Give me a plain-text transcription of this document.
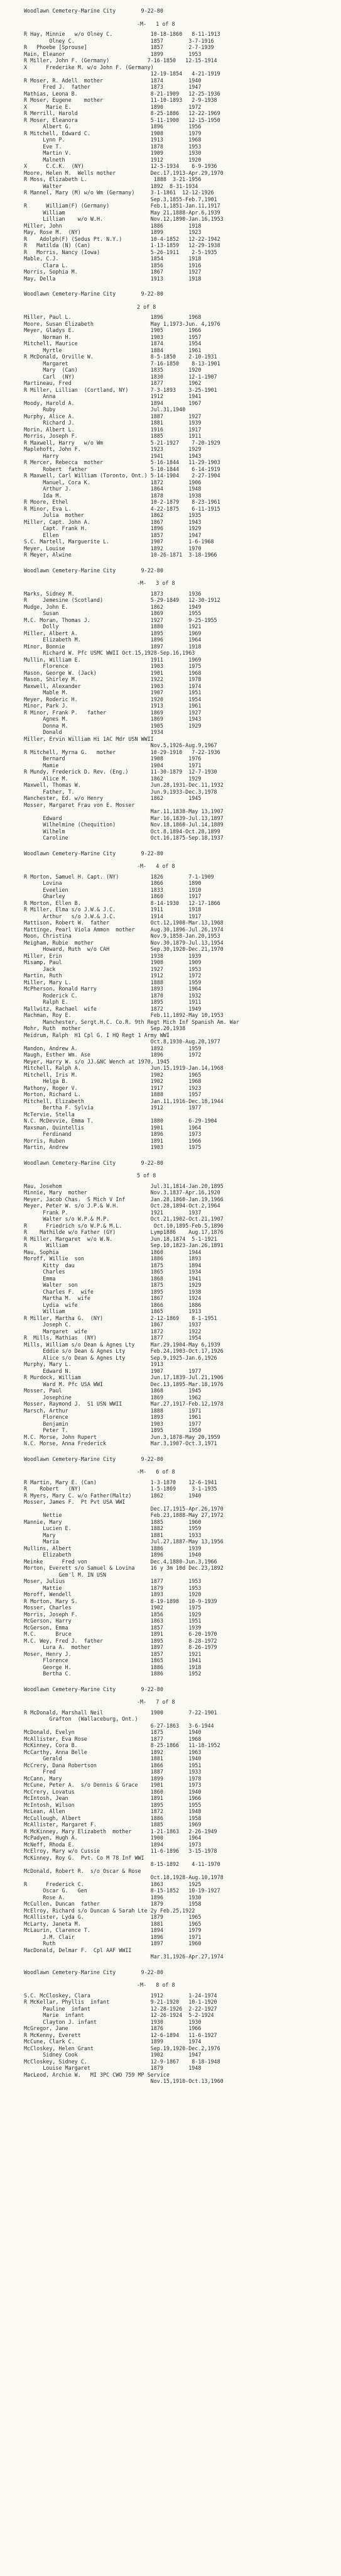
Woodlawn Cemetery-Marine City        9-22-80
-M-   1 of 8
R Hay, Minnie   w/o Olney C.            10-18-1860   8-11-1913
Olney C.                        1857        3-7-1916
R   Phoebe [Sprouse]                    1857        2-7-1939
Main, Eleanor                           1899        1953
R Miller, John F. (Germany)            7-16-1850   12-15-1914
X      Frederike M. w/o John F. (Germany)
12-19-1854   4-21-1919
R Moser, R. Adell  mother               1874        1940
Fred J.  father                   1873        1947
Mathias, Leona B.                       8-21-1909   12-25-1936
R Moser, Eugene    mother               11-10-1893   2-9-1938
X      Marie E.                         1890        1972
R Merrill, Harold                       8-25-1886   12-22-1969
R Moser, Eleanora                       5-11-1900   12-15-1950
Albert G.                         1896        1956
R Mitchell, Edward C.                   1908        1979
Lynn P.                           1913        1968
Eve T.                            1878        1953
Martin V.                         1909        1930
Malneth                           1912        1920
X      C.C.K.  (NY)                     12-5-1934    6-9-1936
Moore, Helen M.  Wells mother           Dec.17,1913-Apr.29,1970
R Moss, Elizabeth L.                     1888  3-21-1956
Walter                            1892  8-31-1934
R Mannel, Mary (M) w/o Wm (Germany)     3-1-1861  12-12-1926
Sep.3,1855-Feb.7,1901
R      William(F) (Germany)             Feb.1,1851-Jan.11,1917
William                           May 21,1888-Apr.6,1939
Lillian    w/o W.H.               Nov.12,1890-Jan.16,1953
Miller, John                            1886        1918
May, Rose M.  (NY)                      1899        1923
R    Adolph(F) (Sedus Pt. N.Y.)         10-4-1852   12-22-1942
R   Matilda (N) (Can)                   1-13-1859   12-29-1938
R   Morris, Nancy (Iowa)                5-26-1911    2-5-1935
Mable, C.J.                             1854        1918
Clara L.                          1856        1916
Morris, Sophia M.                       1867        1927
May, Della                              1913        1918
Woodlawn Cemetery-Marine City        9-22-80
2 of 8
Miller, Paul L.                         1896        1968
Moore, Susan Elizabeth                  May 1,1973-Jun. 4,1976
Meyer, Gladys E.                        1905        1966
Norman H.                         1903        1957
Mitchell, Maurice                       1874        1954
Myrtle                            1884        1961
R McDonald, Orville W.                  8-5-1850    2-10-1931
Margaret                          7-16-1850    8-13-1901
Mary  (Can)                       1835        1920
Carl  (NY)                        1830        12-1-1907
Martineau, Fred                         1877        1962
R Miller, Lillian  (Cortland, NY)       7-3-1893    3-25-1901
Anna                              1912        1941
Moody, Harold A.                        1894        1967
Ruby                              Jul.31,1940
Murphy, Alice A.                        1887        1927
Richard J.                        1881        1939
Morin, Albert L.                        1916        1917
Morris, Joseph F.                       1885        1911
R Maxwell, Harry   w/o Wm               5-21-1927    7-20-1929
Maplehoft, John F.                      1923        1929
Harry                             1941        1943
R Mercer, Rebecca  mother               5-16-1844   11-29-1903
Robert  father                    5-10-1844    6-14-1919
R Maxwell, Carl William (Toronto, Ont.) 5-14-1904    2-27-1904
Manuel, Cora K.                   1872        1906
Arthur J.                         1864        1948
Ida M.                            1878        1938
R Moore, Ethel                          10-2-1879    8-23-1961
R Minor, Eva L.                         4-22-1875    6-11-1915
Julia  mother                     1862        1935
Miller, Capt. John A.                   1867        1943
Capt. Frank H.                    1896        1929
Ellen                             1857        1947
S.C. Martell, Marguerite L.             1907        1-6-1968
Meyer, Louise                           1892        1970
R Meyer, Alwine                         10-26-1871  3-18-1966
Woodlawn Cemetery-Marine City        9-22-80
-M-   3 of 8
Marks, Sidney M.                        1873        1936
R     Jemesine (Scotland)               5-29-1849   12-30-1912
Mudge, John E.                          1862        1949
Susan                             1869        1955
M.C. Moran, Thomas J.                   1927        9-25-1955
Dolly                             1880        1921
Miller, Albert A.                       1895        1969
Elizabeth M.                      1896        1964
Minor, Bonnie                           1897        1918
Richard W. Pfc USMC WWII Oct.15,1928-Sep.16,1963
Mullin, William E.                      1911        1969
Florence                          1903        1975
Mason, George W. (Jack)                 1901        1968
Mason, Shirley M.                       1922        1978
Maxwell, Alexander                      1903        1974
Mable M.                          1907        1951
Meyer, Roderic H.                       1920        1954
Minor, Park J.                          1913        1961
R Minor, Frank P.   father              1869        1927
Agnes M.                          1869        1943
Donna M.                          1905        1929
Donald                            1934
Miller, Ervin William Hi 1AC Mdr USN WWII
Nov.5,1926-Aug.9,1967
R Mitchell, Myrna G.   mother           10-29-1910   7-22-1936
Bernard                           1908        1976
Mamie                             1904        1971
R Mundy, Frederick D. Rev. (Eng.)       11-30-1879  12-7-1930
Alice M.                          1862        1929
Maxwell, Thomas W.                      Jun.28,1931-Dec.11,1932
Father, T.                        Jun.9,1933-Dec.3,1978
Manchester, Ed. w/o Henry               1862        1945
Mosser, Margaret Frau von E. Mosser
Mar.11,1838-May 13,1907
Edward                            Mar.16,1839-Jul.13,1897
Wilhelmine (Chequition)           Nov.18,1860-Jul.14,1889
Wilhelm                           Oct.8,1894-Oct.28,1899
Caroline                          Oct.16,1875-Sep.18,1937
Woodlawn Cemetery-Marine City        9-22-80
-M-   4 of 8
R Morton, Samuel H. Capt. (NY)          1826        7-1-1909
Lovina                            1866        1890
Eveelien                          1833        1910
Gharley                           1860        1917
R Morton, Ellen B.                      8-14-1930   12-17-1866
R Miller, Elma s/o J.W.& J.C.           1911        1918
Arthur   s/o J.W.& J.C.           1914        1917
Mattison, Robert W.  father             Oct.12,1908-Mar.13,1968
Mattinge, Pearl Viola Ammon  mother     Aug.30,1896-Jul.26,1974
Moon, Christina                         Nov.9,1858-Jan.20,1953
Meigham, Rubie  mother                  Nov.30,1879-Jul.13,1954
Howard, Ruth  w/o CAH             Sep.30,1920-Dec.21,1970
Miller, Erin                            1938        1939
Misamp, Paul                            1908        1909
Jack                              1927        1953
Martin, Ruth                            1912        1972
Miller, Mary L.                         1888        1959
McPherson, Ronald Harry                 1893        1964
Roderick C.                       1870        1932
Ralph E.                          1895        1911
Mallwitz, Rachael  wife                 1872        1949
Machman, Roy E.                         Feb.11,1892-May 10,1953
Manchester, Sergt.H.C. Co.R. 9th Regt Mich Inf Spanish Am. War
Mohr, Ruth  mother                      Sep.20,1938
Meidrum, Ralph  H1 Cpl G. I HQ Regt 1 Army WWI
Oct.8,1930-Aug.20,1977
Mandon, Andrew A.                       1892        1959
Maugh, Esther Wm. Ase                   1896        1972
Meyer, Harry W. s/o JJ.&NC Wench at 1970, 1945
Mitchell, Ralph A.                      Jun.15,1919-Jan.14,1968
Mitchell, Iris M.                       1902        1965
Helga B.                          1902        1968
Mathony, Roger V.                       1917        1923
Morton, Richard L.                      1888        1957
Mitchell, Elizabeth                     Jan.11,1916-Dec.18,1944
Bertha F. Sylvia                  1912        1977
McTervie, Stella
N.C. McDevvie, Emma T.                  1880        6-29-1904
Maxsman, Quintellis                     1901        1964
Ferdinand                         1896        1973
Morris, Ruben                           1891        1966
Martin, Andrew                          1903        1975
Woodlawn Cemetery-Marine City        9-22-80
5 of 8
Mau, Josehom                            Jul.31,1814-Jan.20,1895
Minnie, Mary  mother                    Nov.3,1837-Apr.16,1920
Meyer, Jacob Chas.  S Mich V Inf        Jan.28,1860-Jan.19,1966
Meyer, Peter W. s/o J.P.& W.H.          Oct.28,1894-Oct.2,1964
Frank P.                          1921        1937
Walter s/o W.P.& M.P.             Oct.21,1902-Oct.21,1907
R      Friedrich s/o W.P.& M.L.          Oct.10,1895-Feb.5,1896
R    Mathilde w/o Father (GY)           Lymp1886    Aug.17,1876
R Miller, Margaret  w/o W.N.            Jun.18,1874  5-1-1921
R      William                          Sep.10,1823-Jan.26,1891
Mau, Sophia                             1860        1944
Moroff, Willie  son                     1886        1893
Kitty  dau                        1875        1894
Charles                           1865        1934
Emma                              1868        1941
Walter  son                       1875        1929
Charles F.  wife                  1895        1938
Martha M.  wife                   1867        1924
Lydia  wife                       1866        1886
William                           1865        1913
R Miller, Martha G.  (NY)               2-12-1869    8-1-1951
Joseph C.                         1867        1937
Margaret  wife                    1872        1922
R  Mills, Mathias  (NY)                 1877        1954
Mills, William s/o Dean & Agnes Lty     Mar.29,1904-May 6,1939
Eddie s/o Dean & Agnes Lty        Feb.24,1903-Oct.17,1926
Alice s/o Dean & Agnes Lty        Sep.9,1925-Jan.6,1926
Murphy, Mary L.                         1913
Edward N.                         1907        1977
R Murdock, William                      Jun.17,1839-Jul.21,1906
Ward M. Pfc USA WWI               Dec.13,1895-Mar.18,1976
Mosser, Paul                            1868        1945
Josephine                         1869        1962
Mosser, Raymond J.  S1 USN WWII         Mar.27,1917-Feb.12,1978
Marsch, Arthur                          1888        1971
Florence                          1893        1961
Benjamin                          1903        1977
Peter T.                          1895        1950
M.C. Morse, John Rupert                 Jun.3,1878-May 20,1959
N.C. Morse, Anna Frederick              Mar.3,1907-Oct.3,1971
Woodlawn Cemetery-Marine City        9-22-80
-M-   6 of 8
R Martin, Mary E. (Can)                 1-3-1870    12-6-1941
R    Robert   (NY)                      1-5-1869     3-1-1935
R Myers, Mary C. w/o Father(Maltz)      1862        1940
Mosser, James F.  Pt Pvt USA WWI
Dec.17,1915-Apr.26,1970
Nettie                            Feb.23,1888-May 27,1972
Mannie, Mary                            1885        1960
Lucien E.                         1882        1959
Mary                              1881        1933
Maria                             Jul.27,1887-May 13,1956
Mullins, Albert                         1886        1939
Elizabeth                         1896        1940
Meinke      Fred von                    Dec.4,1880-Jun.3,1966
Morton, Everett s/o Samuel & Lovina     16 y 3m 10d Dec.23,1892
Gem'l M. IN USN
Moser, Julius                           1877        1953
Mattie                            1879        1953
Moroff, Wendell                         1893        1920
R Morton, Mary S.                       8-19-1898   10-9-1939
Mosser, Charles                         1902        1975
Morris, Joseph F.                       1856        1929
McGerson, Harry                         1863        1951
McGerson, Emma                          1857        1939
M.C.      Bruce                         1891        6-20-1970
M.C. Wey, Fred J.  father               1895        8-28-1972
Lura A.  mother                   1897        8-26-1979
Moser, Henry J.                         1857        1921
Florence                          1865        1941
George H.                         1886        1918
Bertha C.                         1886        1952
Woodlawn Cemetery-Marine City        9-22-80
-M-   7 of 8
R McDonald, Marshall Neil               1900        7-22-1901
Grafton  (Wallaceburg, Ont.)
6-27-1863   3-6-1944
McDonald, Evelyn                        1875        1940
McAllister, Eva Rose                    1877        1968
McKinney, Cora B.                       8-25-1866   11-18-1952
McCarthy, Anna Belle                    1892        1963
Gerald                            1881        1940
McCrery, Dana Robertson                 1866        1951
Fred                              1887        1933
McCann, Mary                            1899        1978
McCune, Peter A.  s/o Dennis & Grace    1901        1973
McCrery, Lovatus                        1860        1940
McIntosh, Jean                          1891        1966
McIntosh, Wilson                        1895        1955
McLean, Allen                           1872        1948
McCullough, Albert                      1886        1958
McAllister, Margaret F.                 1885        1969
R McKinney, Mary Elizabeth  mother      1-21-1863   2-26-1949
McPadyen, Hugh A.                       1900        1964
McNeff, Rhoda E.                        1894        1973
McElroy, Mary w/o Cussie                11-6-1896   3-15-1978
McKinney, Roy G.  Pvt. Co M 78 Inf WWI
8-15-1892    4-11-1970
McDonald, Robert R.  s/o Oscar & Rose
Oct.18,1928-Aug.10,1978
R      Frederick C.                     1863        1925
Oscar G.   Gen                    8-15-1852   10-19-1927
Rose A.                           1896        1930
McCullen, Duncan  father                1879        1958
McElroy, Richard s/o Duncan & Sarah Lte 2y Feb.25,1922
McAllister, Lyda G.                     1879        1965
McLarty, Janeta M.                      1881        1965
McLaurin, Clarence T.                   1894        1979
J.M. Clair                        1896        1971
Ruth                              1897        1960
MacDonald, Delmar F.  Cpl AAF WWII
Mar.31,1926-Apr.27,1974
Woodlawn Cemetery-Marine City        9-22-80
-M-   8 of 8
S.C. McCloskey, Clara                   1912        1-24-1974
R McKellar, Phyllis  infant             9-21-1920   10-1-1920
Pauline  infant                   12-28-1926  2-22-1927
Marie  infant                     12-26-1924  5-2-1924
Clayton J. infant                 1930        1930
McGregor, Jane                          1876        1966
R McKenny, Everett                      12-6-1894   11-6-1927
McCune, Clark C.                        1899        1974
McCloskey, Helen Grant                  Sep.19,1920-Dec.2,1976
Sidney Cook                       1902        1947
McCloskey, Sidney C.                    12-9-1867    8-18-1948
Louise Margaret                   1879        1948
MacLeod, Archie W.   MI 3PC CWO 759 MP Service
Nov.15,1910-Oct.13,1960
